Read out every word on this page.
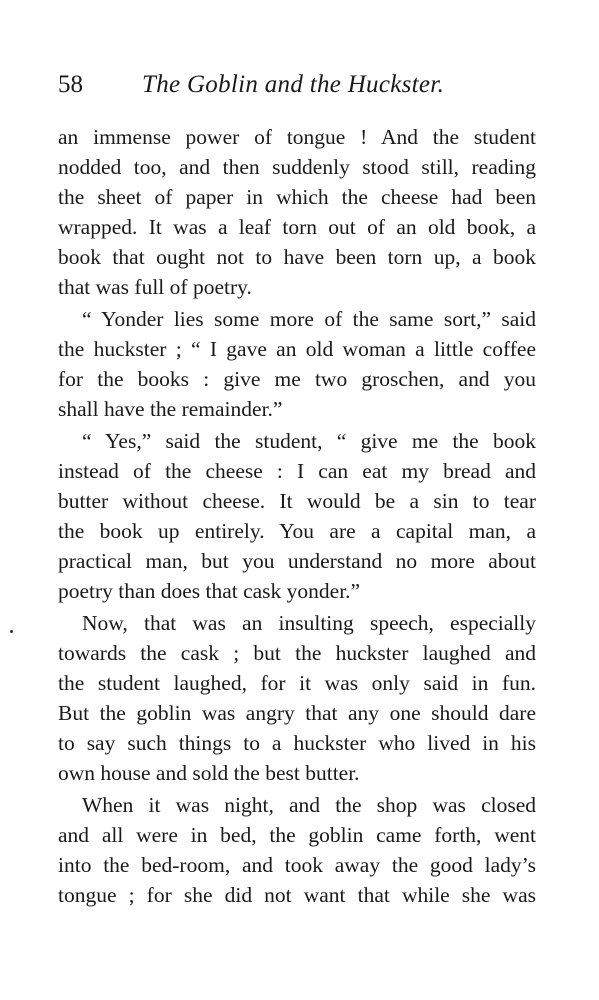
58 The Goblin and the Huckster.
an immense power of tongue ! And the student
nodded too, and then suddenly stood still, reading
the sheet of paper in which the cheese had been
wrapped. It was a leaf torn out of an old book, a
book that ought not to have been torn up, a book
that was full of poetry.
“ Yonder lies some more of the same sort,” said
the huckster ; “ I gave an old woman a little coffee
for the books : give me two groschen, and you
shall have the remainder.”
“ Yes,” said the student, “ give me the book
instead of the cheese : I can eat my bread and
butter without cheese. It would be a sin to tear
the book up entirely. You are a capital man, a
practical man, but you understand no more about
poetry than does that cask yonder.”
Now, that was an insulting speech, especially
towards the cask ; but the huckster laughed and
the student laughed, for it was only said in fun.
But the goblin was angry that any one should dare
to say such things to a huckster who lived in his
own house and sold the best butter.
When it was night, and the shop was closed
and all were in bed, the goblin came forth, went
into the bed-room, and took away the good lady’s
tongue ; for she did not want that while she was
